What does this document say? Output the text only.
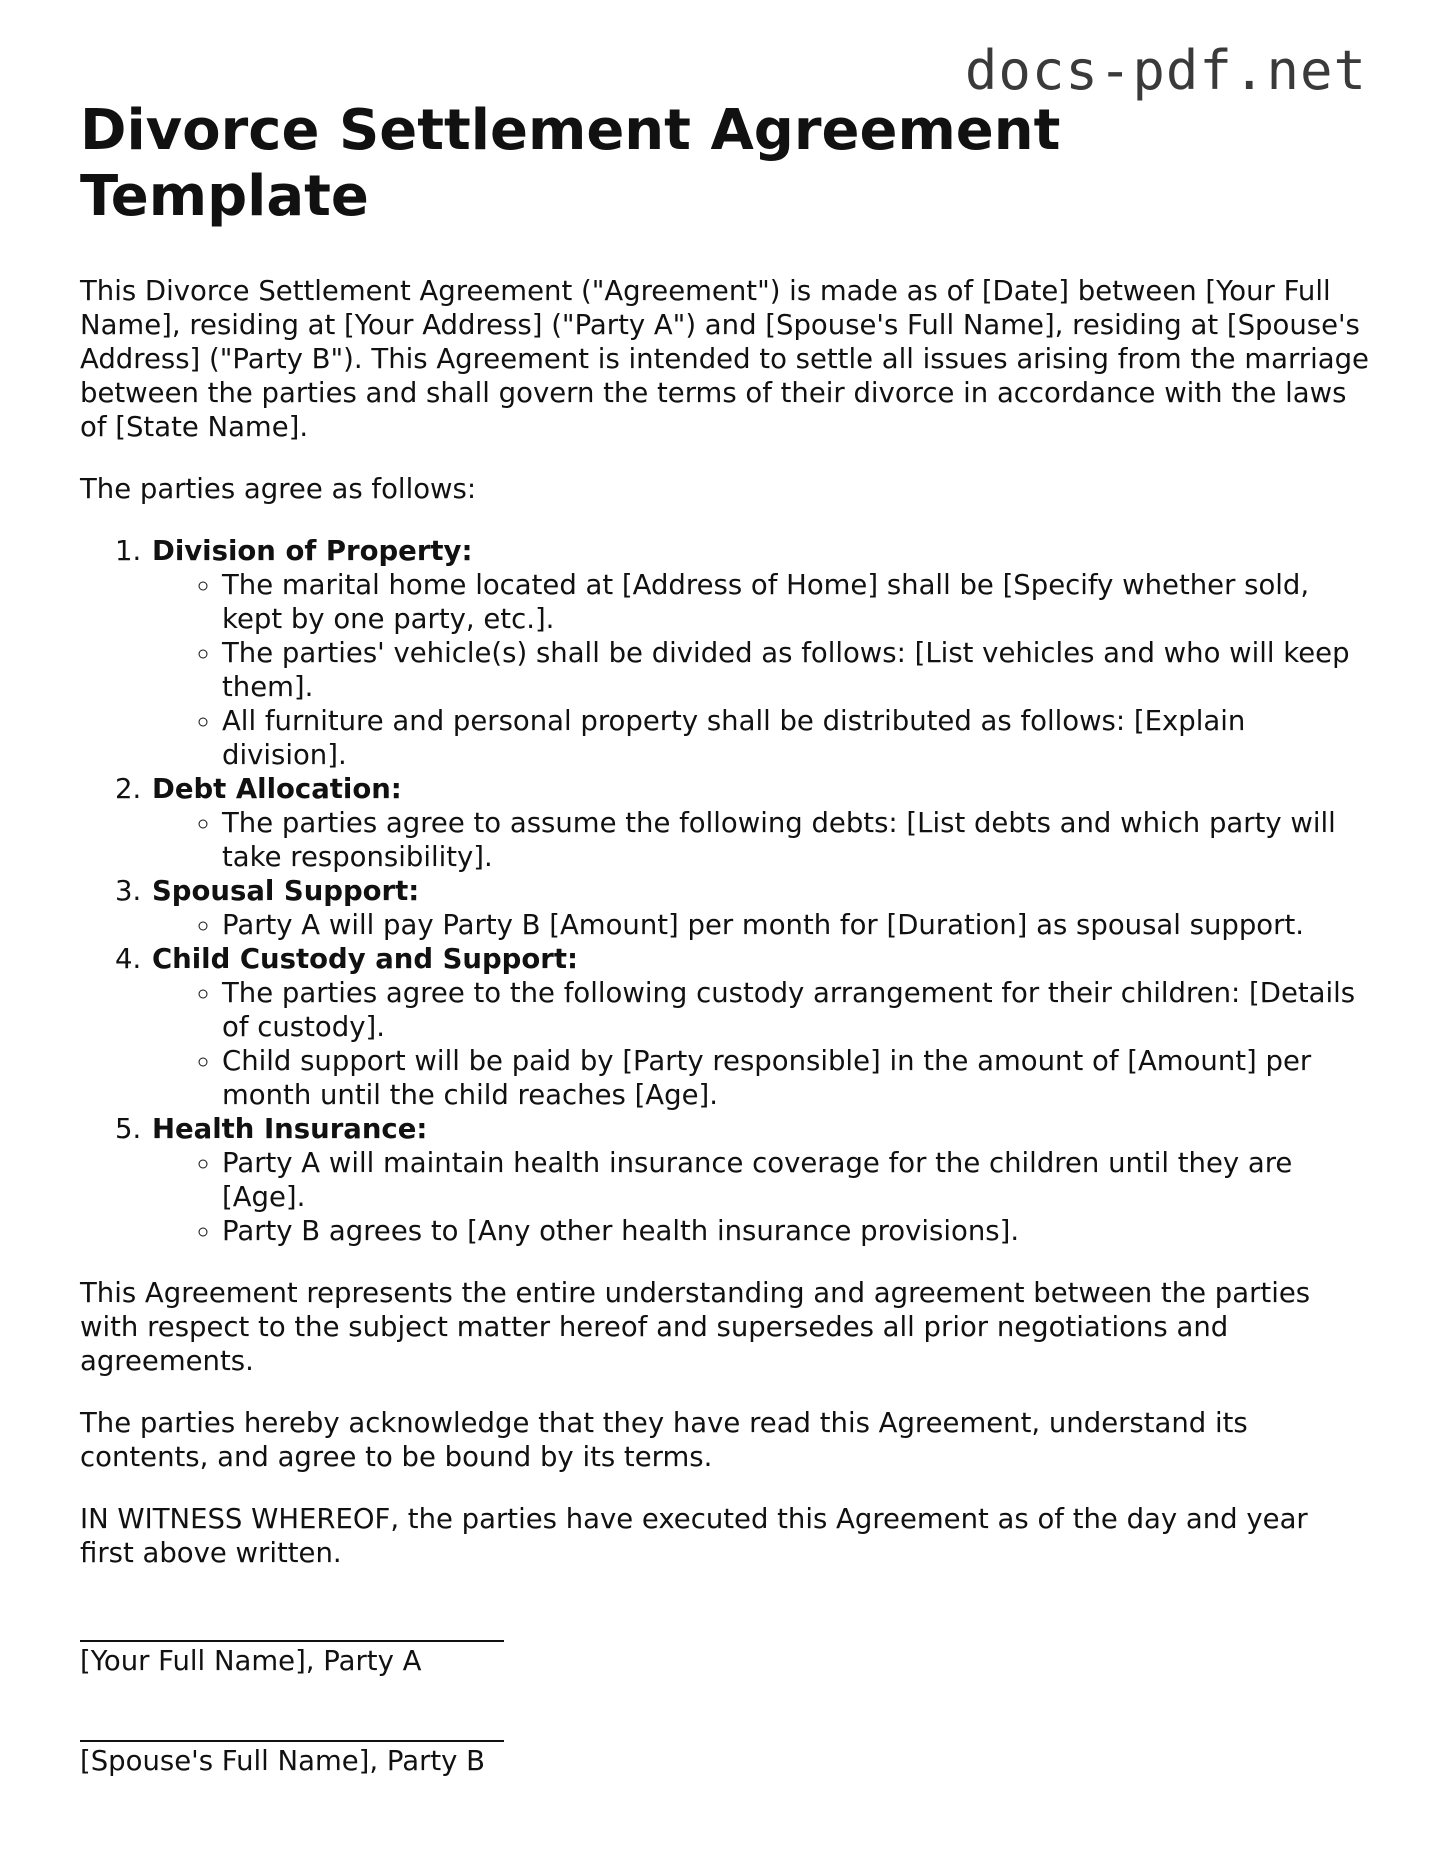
docs-pdf.net
Divorce Settlement Agreement Template

This Divorce Settlement Agreement ("Agreement") is made as of [Date] between [Your Full Name], residing at [Your Address] ("Party A") and [Spouse's Full Name], residing at [Spouse's Address] ("Party B"). This Agreement is intended to settle all issues arising from the marriage between the parties and shall govern the terms of their divorce in accordance with the laws of [State Name].

The parties agree as follows:

1. Division of Property:
◦ The marital home located at [Address of Home] shall be [Specify whether sold, kept by one party, etc.].
◦ The parties' vehicle(s) shall be divided as follows: [List vehicles and who will keep them].
◦ All furniture and personal property shall be distributed as follows: [Explain division].
2. Debt Allocation:
◦ The parties agree to assume the following debts: [List debts and which party will take responsibility].
3. Spousal Support:
◦ Party A will pay Party B [Amount] per month for [Duration] as spousal support.
4. Child Custody and Support:
◦ The parties agree to the following custody arrangement for their children: [Details of custody].
◦ Child support will be paid by [Party responsible] in the amount of [Amount] per month until the child reaches [Age].
5. Health Insurance:
◦ Party A will maintain health insurance coverage for the children until they are [Age].
◦ Party B agrees to [Any other health insurance provisions].

This Agreement represents the entire understanding and agreement between the parties with respect to the subject matter hereof and supersedes all prior negotiations and agreements.

The parties hereby acknowledge that they have read this Agreement, understand its contents, and agree to be bound by its terms.

IN WITNESS WHEREOF, the parties have executed this Agreement as of the day and year first above written.

[Your Full Name], Party A
[Spouse's Full Name], Party B
